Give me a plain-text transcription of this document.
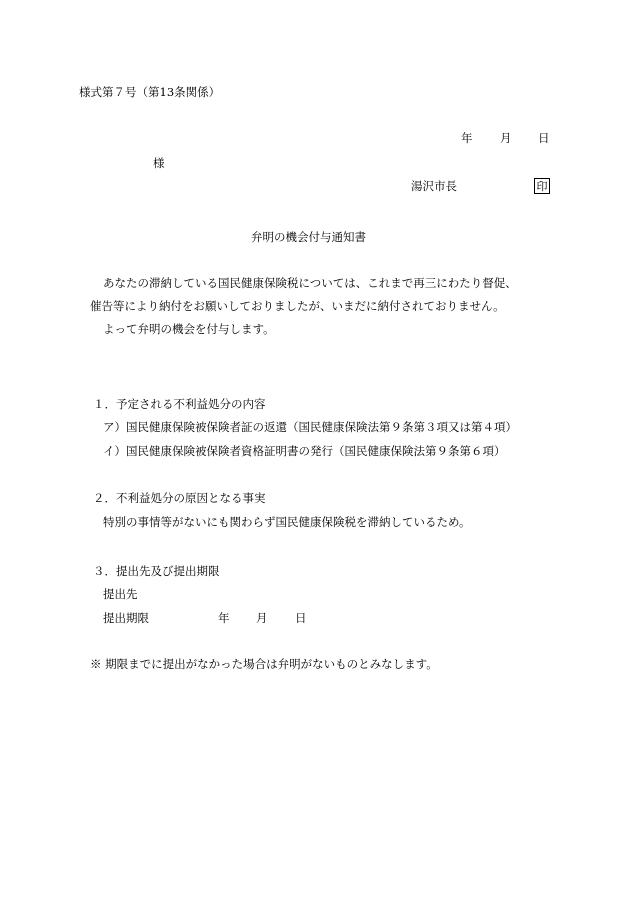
様式第７号（第13条関係）
年 月 日
様
湯沢市長	印
弁明の機会付与通知書
あなたの滞納している国民健康保険税については、これまで再三にわたり督促、
催告等により納付をお願いしておりましたが、いまだに納付されておりません。
よって弁明の機会を付与します。
１．予定される不利益処分の内容
ア）国民健康保険被保険者証の返還（国民健康保険法第９条第３項又は第４項）
イ）国民健康保険被保険者資格証明書の発行（国民健康保険法第９条第６項）
２．不利益処分の原因となる事実
特別の事情等がないにも関わらず国民健康保険税を滞納しているため。
３．提出先及び提出期限
提出先
提出期限	年 月 日
※ 期限までに提出がなかった場合は弁明がないものとみなします。
